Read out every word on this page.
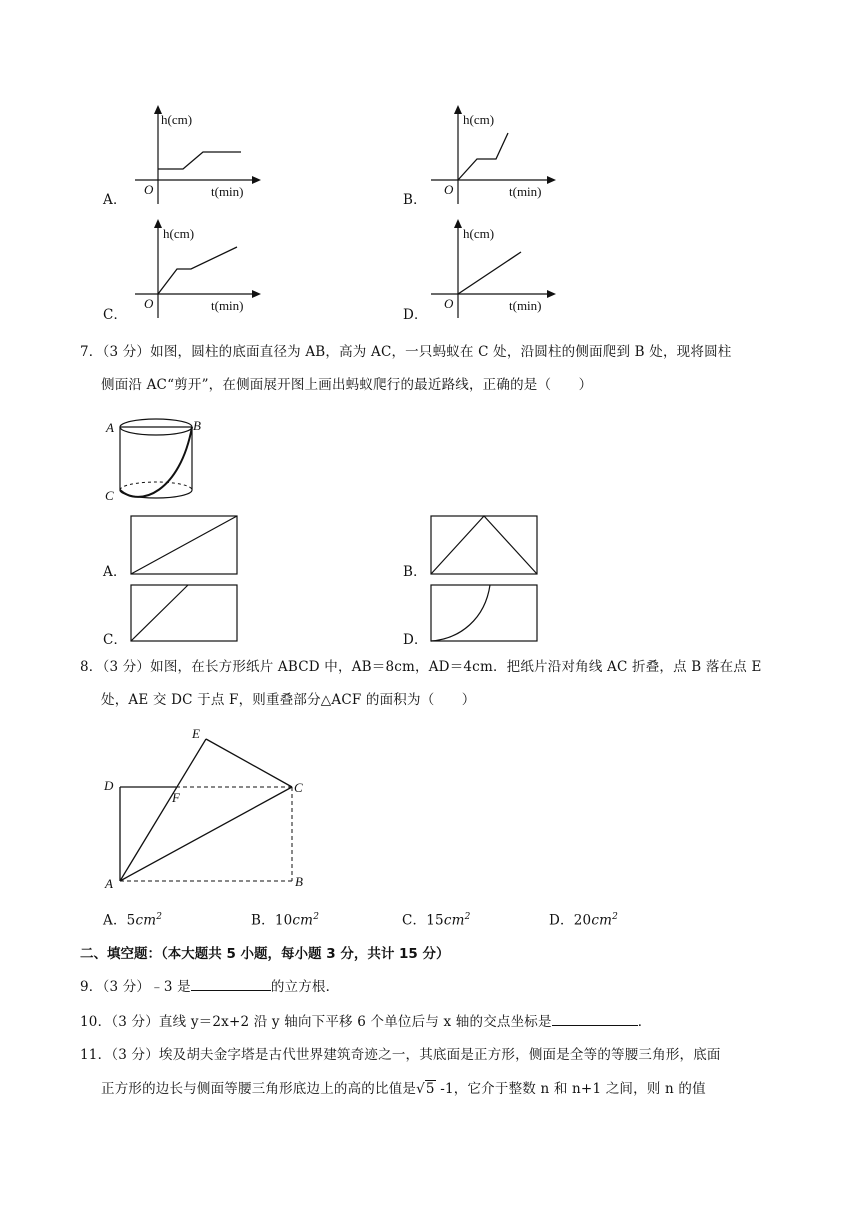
h(cm)
t(min)
O
A．
h(cm)
t(min)
O
B．
h(cm)
t(min)
O
C．
h(cm)
t(min)
O
D．
7．（3 分）如图，圆柱的底面直径为 AB，高为 AC，一只蚂蚁在 C 处，沿圆柱的侧面爬到 B 处，现将圆柱
侧面沿 AC“剪开”，在侧面展开图上画出蚂蚁爬行的最近路线，正确的是（　　）
A	B
C
A．	B．
C．	D．
8．（3 分）如图，在长方形纸片 ABCD 中，AB＝8cm，AD＝4cm．把纸片沿对角线 AC 折叠，点 B 落在点 E
处，AE 交 DC 于点 F，则重叠部分△ACF 的面积为（　　）
E
D
F
C
A	B
A．$5cm^2$	B．$10cm^2$	C．$15cm^2$	D．$20cm^2$
二、填空题：（本大题共 5 小题，每小题 3 分，共计 15 分）
9．（3 分）﹣3 是	的立方根．
10．（3 分）直线 y＝2x+2 沿 y 轴向下平移 6 个单位后与 x 轴的交点坐标是	．
11．（3 分）埃及胡夫金字塔是古代世界建筑奇迹之一，其底面是正方形，侧面是全等的等腰三角形，底面
正方形的边长与侧面等腰三角形底边上的高的比值是√5 -1，它介于整数 n 和 n+1 之间，则 n 的值
